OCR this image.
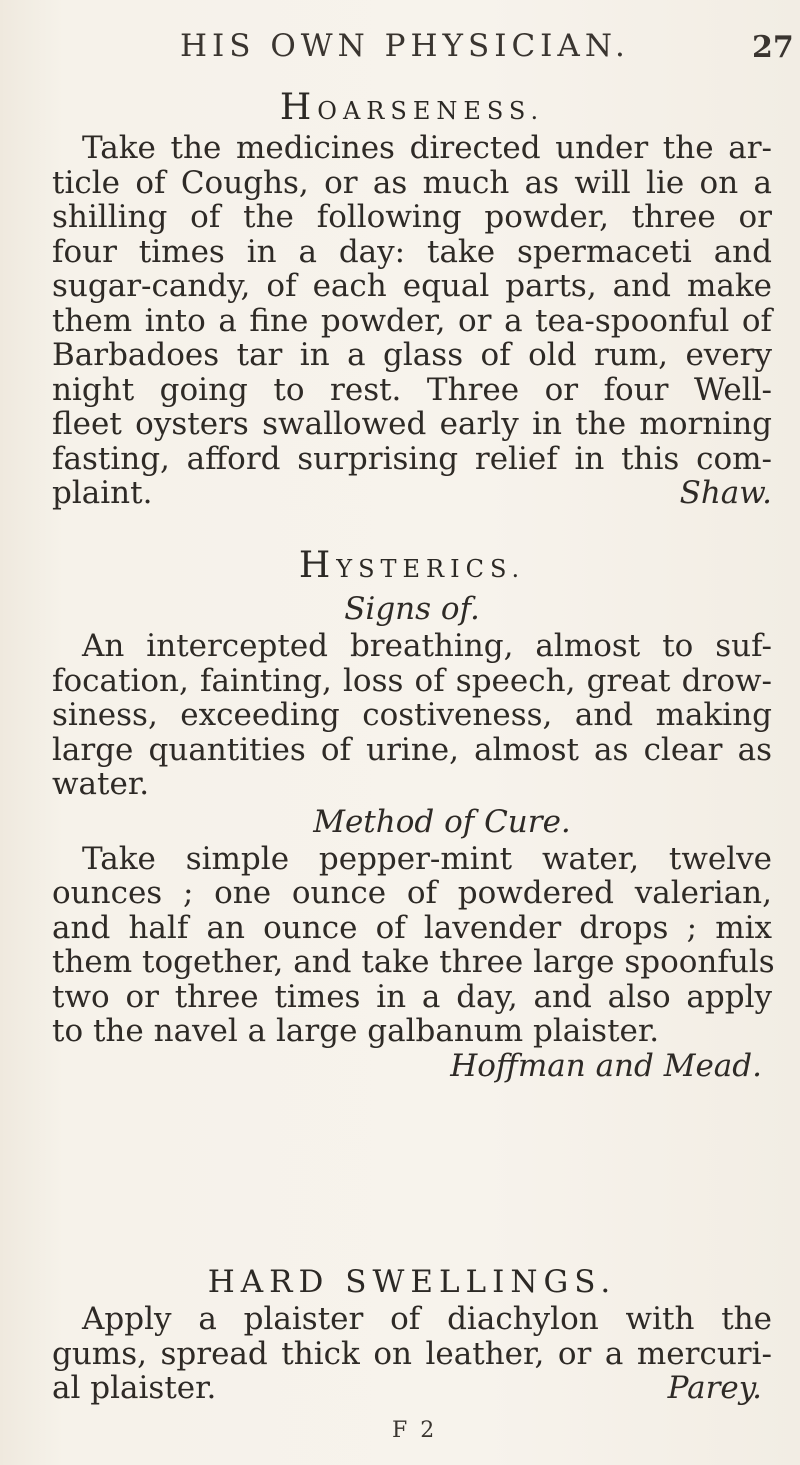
HIS OWN PHYSICIAN.	27
HOARSENESS.
Take the medicines directed under the ar-
ticle of Coughs, or as much as will lie on a
shilling of the following powder, three or
four times in a day: take spermaceti and
sugar-candy, of each equal parts, and make
them into a fine powder, or a tea-spoonful of
Barbadoes tar in a glass of old rum, every
night going to rest. Three or four Well-
fleet oysters swallowed early in the morning
fasting, afford surprising relief in this com-
plaint.	Shaw.
HYSTERICS.
Signs of.
An intercepted breathing, almost to suf-
focation, fainting, loss of speech, great drow-
siness, exceeding costiveness, and making
large quantities of urine, almost as clear as
water.
Method of Cure.
Take simple pepper-mint water, twelve
ounces ; one ounce of powdered valerian,
and half an ounce of lavender drops ; mix
them together, and take three large spoonfuls
two or three times in a day, and also apply
to the navel a large galbanum plaister.
Hoffman and Mead.
HARD SWELLINGS.
Apply a plaister of diachylon with the
gums, spread thick on leather, or a mercuri-
al plaister.	Parey.
F 2
